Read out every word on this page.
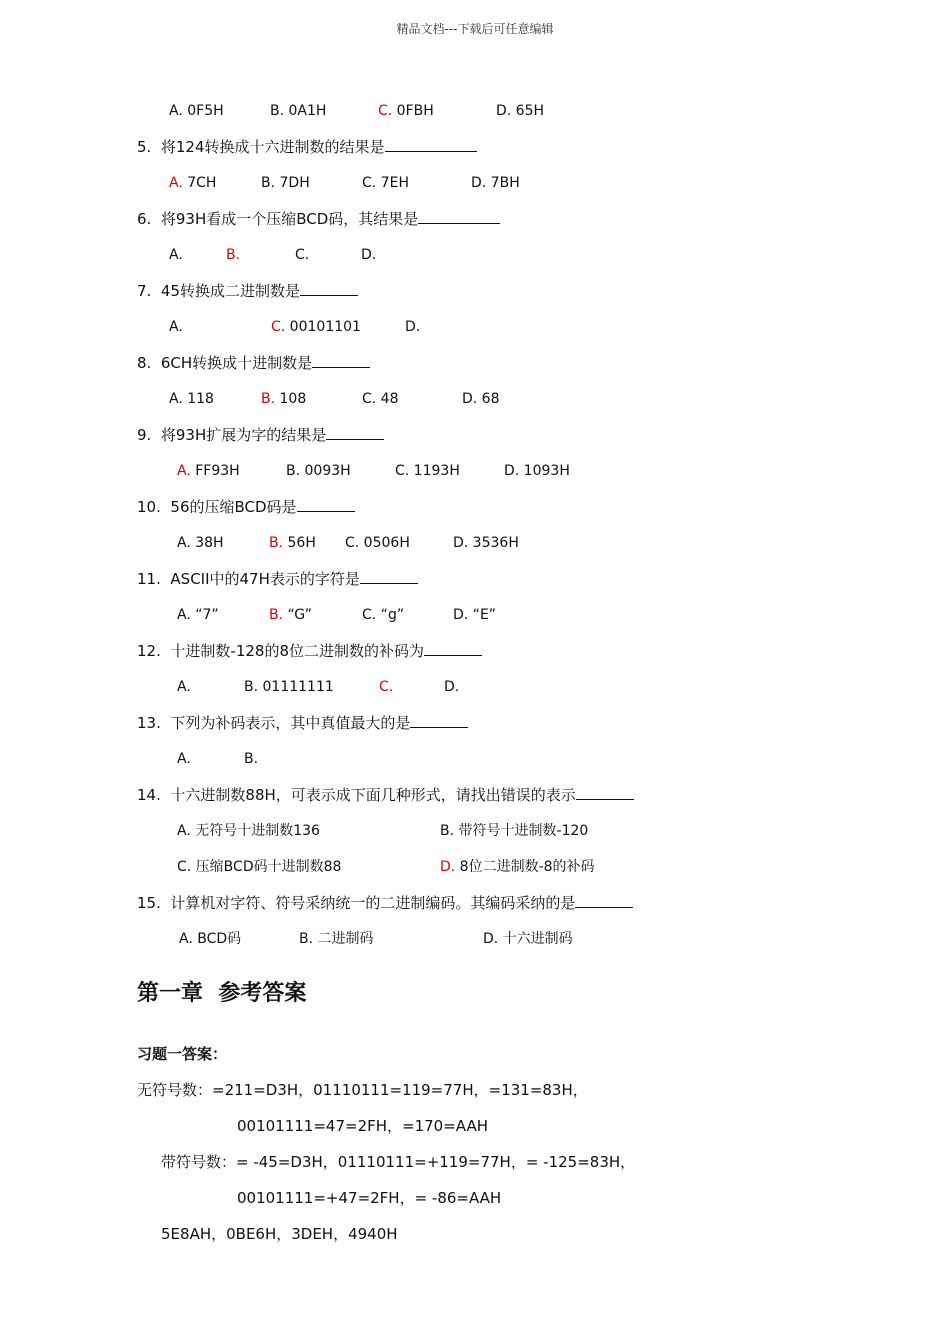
精品文档---下载后可任意编辑
A. 0F5H	B. 0A1H	C. 0FBH	D. 65H
5.  将124转换成十六进制数的结果是
A. 7CH	B. 7DH	C. 7EH	D. 7BH
6.  将93H看成一个压缩BCD码，其结果是
A.	B.	C.	D.
7.  45转换成二进制数是
A.	C. 00101101	D.
8.  6CH转换成十进制数是
A. 118	B. 108	C. 48	D. 68
9.  将93H扩展为字的结果是
A. FF93H	B. 0093H	C. 1193H	D. 1093H
10.  56的压缩BCD码是
A. 38H	B. 56H C. 0506H	D. 3536H
11.  ASCII中的47H表示的字符是
A. “7”	B. “G”	C. “g”	D. “E”
12.  十进制数-128的8位二进制数的补码为
A.	B. 01111111	C.	D.
13.  下列为补码表示，其中真值最大的是
A.	B.
14.  十六进制数88H，可表示成下面几种形式，请找出错误的表示
A. 无符号十进制数136	B. 带符号十进制数-120
C. 压缩BCD码十进制数88	D. 8位二进制数-8的补码
15.  计算机对字符、符号采纳统一的二进制编码。其编码采纳的是
A. BCD码	B. 二进制码	D. 十六进制码
第一章  参考答案
习题一答案：
无符号数：=211=D3H，01110111=119=77H，=131=83H，
00101111=47=2FH，=170=AAH
带符号数：= -45=D3H，01110111=+119=77H，= -125=83H，
00101111=+47=2FH，= -86=AAH
5E8AH，0BE6H，3DEH，4940H
